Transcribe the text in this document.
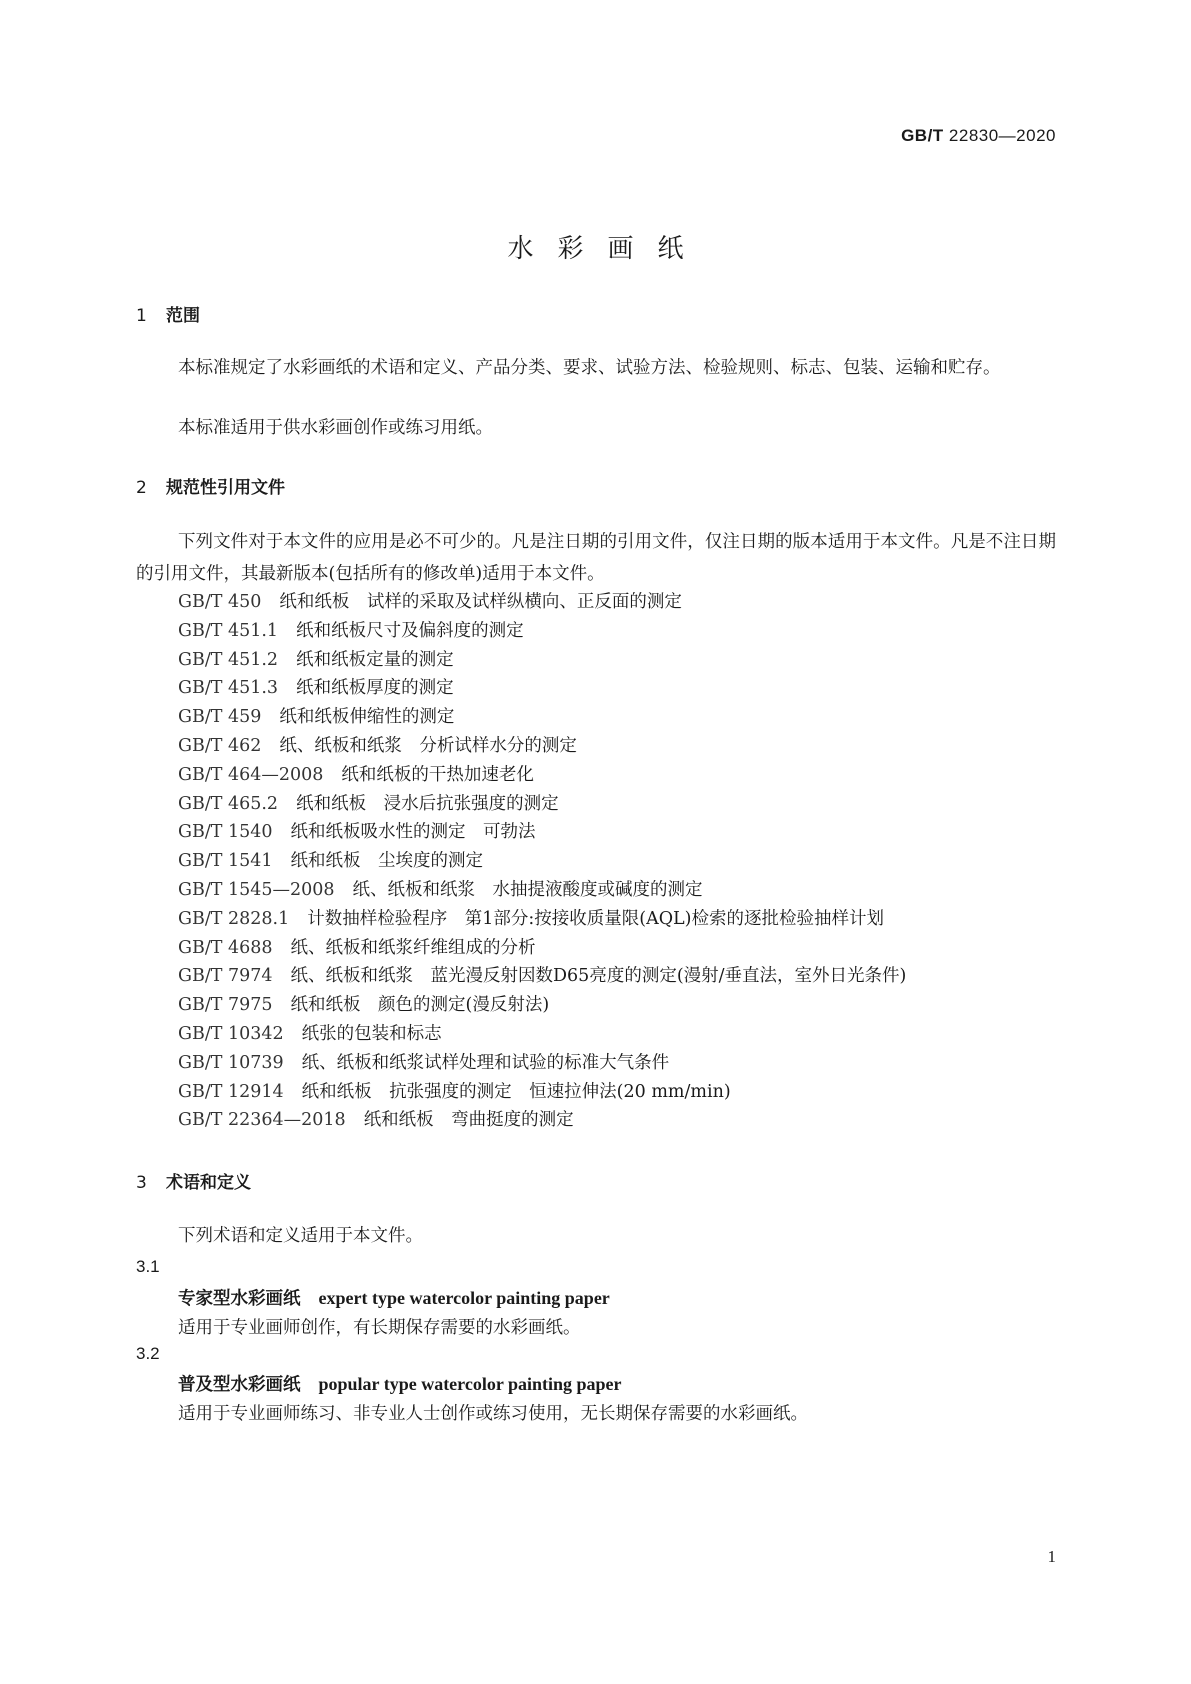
GB/T 22830—2020
水彩画纸
1 范围

本标准规定了水彩画纸的术语和定义、产品分类、要求、试验方法、检验规则、标志、包装、运输和贮存。

本标准适用于供水彩画创作或练习用纸。

2 规范性引用文件

下列文件对于本文件的应用是必不可少的。凡是注日期的引用文件，仅注日期的版本适用于本文件。凡是不注日期的引用文件，其最新版本(包括所有的修改单)适用于本文件。

GB/T 450 纸和纸板　试样的采取及试样纵横向、正反面的测定
GB/T 451.1 纸和纸板尺寸及偏斜度的测定
GB/T 451.2 纸和纸板定量的测定
GB/T 451.3 纸和纸板厚度的测定
GB/T 459 纸和纸板伸缩性的测定
GB/T 462 纸、纸板和纸浆　分析试样水分的测定
GB/T 464—2008 纸和纸板的干热加速老化
GB/T 465.2 纸和纸板　浸水后抗张强度的测定
GB/T 1540 纸和纸板吸水性的测定　可勃法
GB/T 1541 纸和纸板　尘埃度的测定
GB/T 1545—2008 纸、纸板和纸浆　水抽提液酸度或碱度的测定
GB/T 2828.1 计数抽样检验程序　第1部分:按接收质量限(AQL)检索的逐批检验抽样计划
GB/T 4688 纸、纸板和纸浆纤维组成的分析
GB/T 7974 纸、纸板和纸浆　蓝光漫反射因数D65亮度的测定(漫射/垂直法，室外日光条件)
GB/T 7975 纸和纸板　颜色的测定(漫反射法)
GB/T 10342 纸张的包装和标志
GB/T 10739 纸、纸板和纸浆试样处理和试验的标准大气条件
GB/T 12914 纸和纸板　抗张强度的测定　恒速拉伸法(20 mm/min)
GB/T 22364—2018 纸和纸板　弯曲挺度的测定
3 术语和定义

下列术语和定义适用于本文件。

3.1
专家型水彩画纸 expert type watercolor painting paper
适用于专业画师创作，有长期保存需要的水彩画纸。
3.2
普及型水彩画纸 popular type watercolor painting paper
适用于专业画师练习、非专业人士创作或练习使用，无长期保存需要的水彩画纸。
1
